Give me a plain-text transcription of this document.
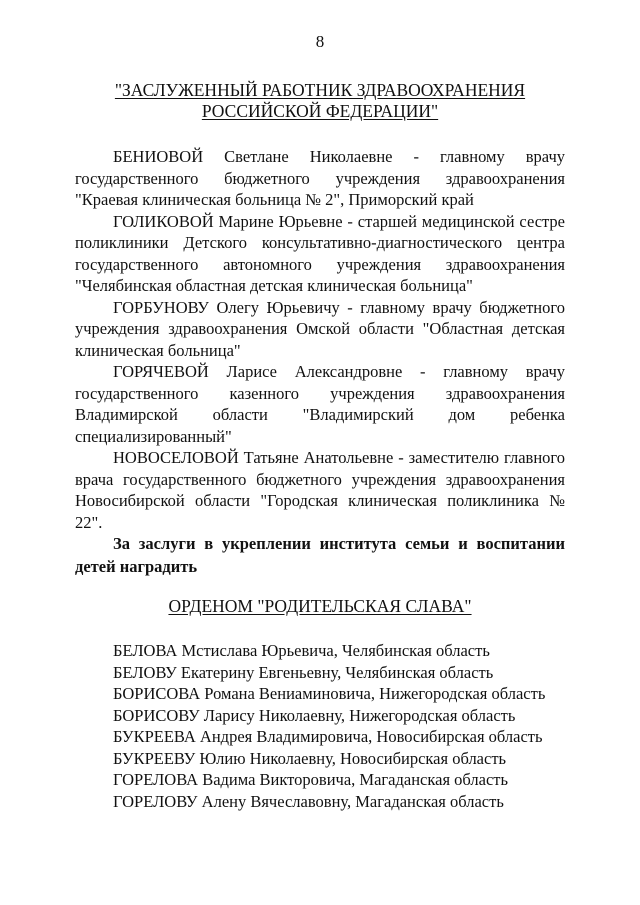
8
"ЗАСЛУЖЕННЫЙ РАБОТНИК ЗДРАВООХРАНЕНИЯ
РОССИЙСКОЙ ФЕДЕРАЦИИ"

БЕНИОВОЙ Светлане Николаевне - главному врачу государственного бюджетного учреждения здравоохранения "Краевая клиническая больница № 2", Приморский край

ГОЛИКОВОЙ Марине Юрьевне - старшей медицинской сестре поликлиники Детского консультативно-диагностического центра государственного автономного учреждения здравоохранения "Челябинская областная детская клиническая больница"

ГОРБУНОВУ Олегу Юрьевичу - главному врачу бюджетного учреждения здравоохранения Омской области "Областная детская клиническая больница"

ГОРЯЧЕВОЙ Ларисе Александровне - главному врачу государственного казенного учреждения здравоохранения Владимирской области "Владимирский дом ребенка специализированный"

НОВОСЕЛОВОЙ Татьяне Анатольевне - заместителю главного врача государственного бюджетного учреждения здравоохранения Новосибирской области "Городская клиническая поликлиника № 22".

За заслуги в укреплении института семьи и воспитании детей наградить

ОРДЕНОМ "РОДИТЕЛЬСКАЯ СЛАВА"
БЕЛОВА Мстислава Юрьевича, Челябинская область
БЕЛОВУ Екатерину Евгеньевну, Челябинская область
БОРИСОВА Романа Вениаминовича, Нижегородская область
БОРИСОВУ Ларису Николаевну, Нижегородская область
БУКРЕЕВА Андрея Владимировича, Новосибирская область
БУКРЕЕВУ Юлию Николаевну, Новосибирская область
ГОРЕЛОВА Вадима Викторовича, Магаданская область
ГОРЕЛОВУ Алену Вячеславовну, Магаданская область
